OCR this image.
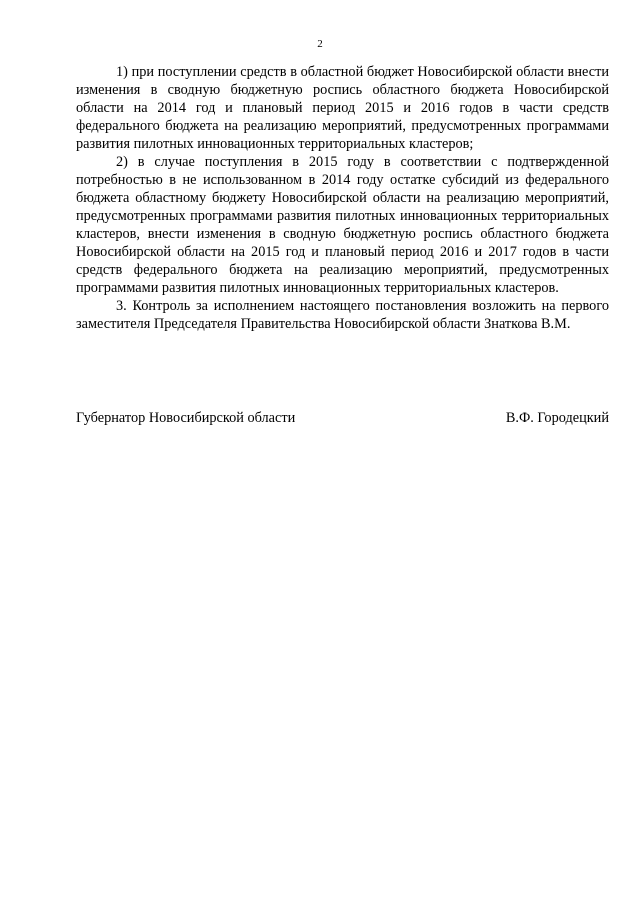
2

1) при поступлении средств в областной бюджет Новосибирской области внести изменения в сводную бюджетную роспись областного бюджета Новосибирской области на 2014 год и плановый период 2015 и 2016 годов в части средств федерального бюджета на реализацию мероприятий, предусмотренных программами развития пилотных инновационных территориальных кластеров;

2) в случае поступления в 2015 году в соответствии с подтвержденной потребностью в не использованном в 2014 году остатке субсидий из федерального бюджета областному бюджету Новосибирской области на реализацию мероприятий, предусмотренных программами развития пилотных инновационных территориальных кластеров, внести изменения в сводную бюджетную роспись областного бюджета Новосибирской области на 2015 год и плановый период 2016 и 2017 годов в части средств федерального бюджета на реализацию мероприятий, предусмотренных программами развития пилотных инновационных территориальных кластеров.

3. Контроль за исполнением настоящего постановления возложить на первого заместителя Председателя Правительства Новосибирской области Знаткова В.М.

Губернатор Новосибирской области	В.Ф. Городецкий
